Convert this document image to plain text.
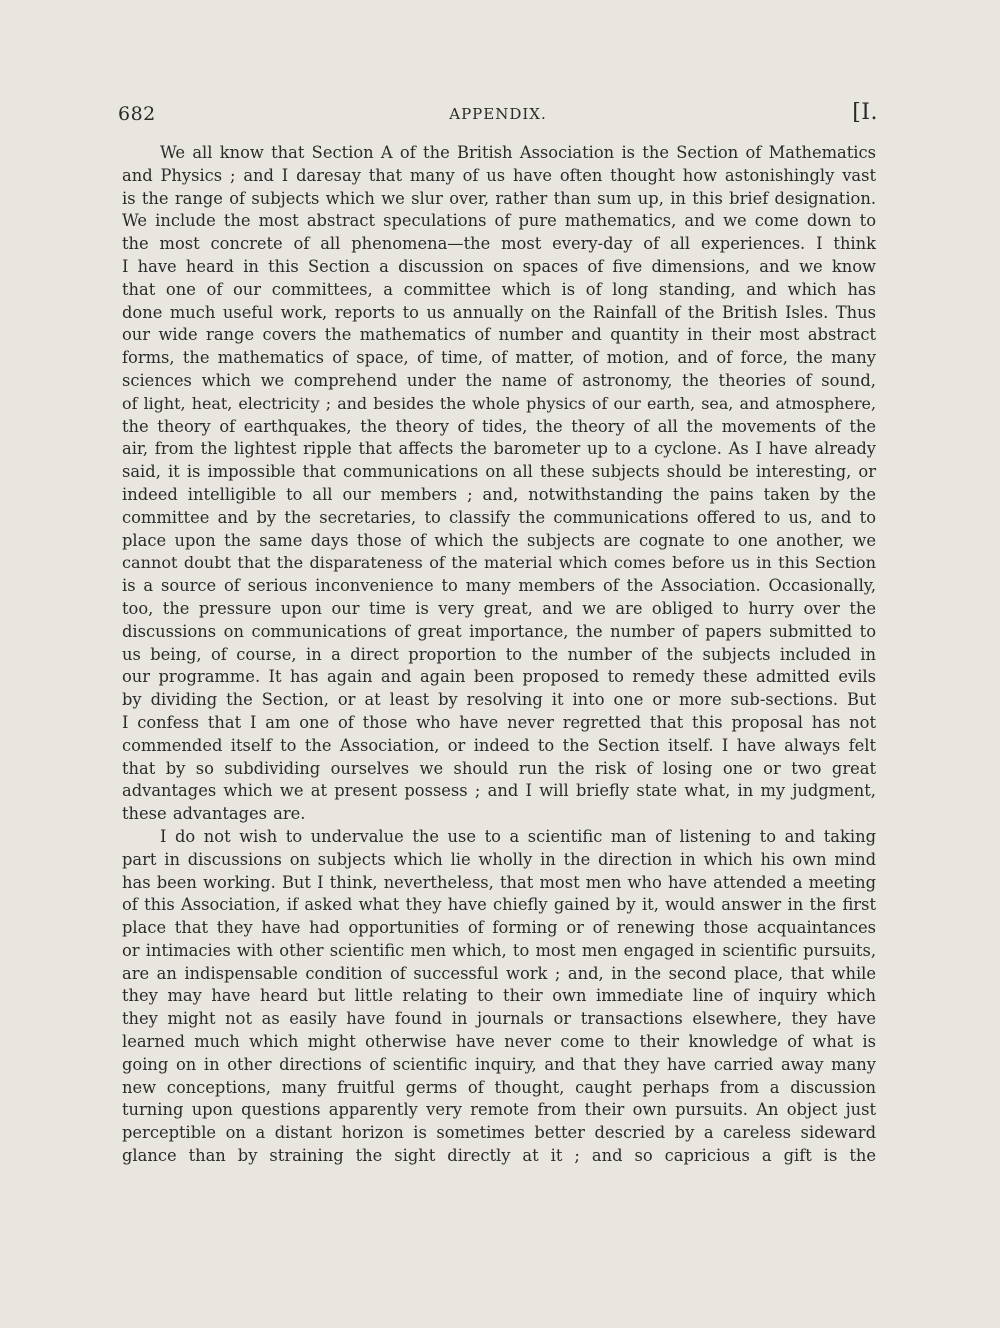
682	APPENDIX.	[I.
We all know that Section A of the British Association is the Section of Mathematics
and Physics ; and I daresay that many of us have often thought how astonishingly vast
is the range of subjects which we slur over, rather than sum up, in this brief designation.
We include the most abstract speculations of pure mathematics, and we come down to
the most concrete of all phenomena—the most every-day of all experiences. I think
I have heard in this Section a discussion on spaces of five dimensions, and we know
that one of our committees, a committee which is of long standing, and which has
done much useful work, reports to us annually on the Rainfall of the British Isles. Thus
our wide range covers the mathematics of number and quantity in their most abstract
forms, the mathematics of space, of time, of matter, of motion, and of force, the many
sciences which we comprehend under the name of astronomy, the theories of sound,
of light, heat, electricity ; and besides the whole physics of our earth, sea, and atmosphere,
the theory of earthquakes, the theory of tides, the theory of all the movements of the
air, from the lightest ripple that affects the barometer up to a cyclone. As I have already
said, it is impossible that communications on all these subjects should be interesting, or
indeed intelligible to all our members ; and, notwithstanding the pains taken by the
committee and by the secretaries, to classify the communications offered to us, and to
place upon the same days those of which the subjects are cognate to one another, we
cannot doubt that the disparateness of the material which comes before us in this Section
is a source of serious inconvenience to many members of the Association. Occasionally,
too, the pressure upon our time is very great, and we are obliged to hurry over the
discussions on communications of great importance, the number of papers submitted to
us being, of course, in a direct proportion to the number of the subjects included in
our programme. It has again and again been proposed to remedy these admitted evils
by dividing the Section, or at least by resolving it into one or more sub-sections. But
I confess that I am one of those who have never regretted that this proposal has not
commended itself to the Association, or indeed to the Section itself. I have always felt
that by so subdividing ourselves we should run the risk of losing one or two great
advantages which we at present possess ; and I will briefly state what, in my judgment,
these advantages are.
I do not wish to undervalue the use to a scientific man of listening to and taking
part in discussions on subjects which lie wholly in the direction in which his own mind
has been working. But I think, nevertheless, that most men who have attended a meeting
of this Association, if asked what they have chiefly gained by it, would answer in the first
place that they have had opportunities of forming or of renewing those acquaintances
or intimacies with other scientific men which, to most men engaged in scientific pursuits,
are an indispensable condition of successful work ; and, in the second place, that while
they may have heard but little relating to their own immediate line of inquiry which
they might not as easily have found in journals or transactions elsewhere, they have
learned much which might otherwise have never come to their knowledge of what is
going on in other directions of scientific inquiry, and that they have carried away many
new conceptions, many fruitful germs of thought, caught perhaps from a discussion
turning upon questions apparently very remote from their own pursuits. An object just
perceptible on a distant horizon is sometimes better descried by a careless sideward
glance than by straining the sight directly at it ; and so capricious a gift is the
